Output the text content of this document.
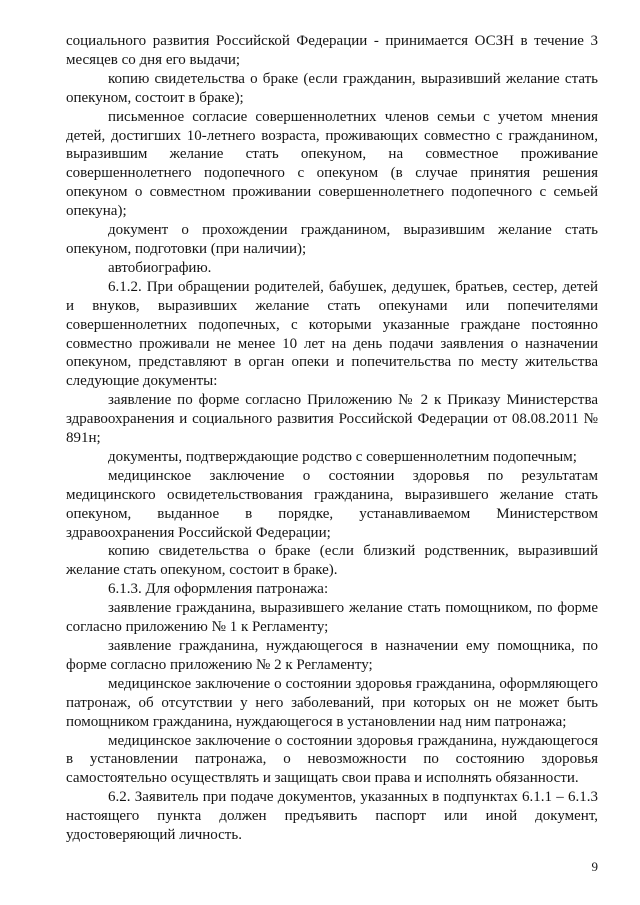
социального развития Российской Федерации - принимается ОСЗН в течение 3 месяцев со дня его выдачи;

копию свидетельства о браке (если гражданин, выразивший желание стать опекуном, состоит в браке);

письменное согласие совершеннолетних членов семьи с учетом мнения детей, достигших 10-летнего возраста, проживающих совместно с гражданином, выразившим желание стать опекуном, на совместное проживание совершеннолетнего подопечного с опекуном (в случае принятия решения опекуном о совместном проживании совершеннолетнего подопечного с семьей опекуна);

документ о прохождении гражданином, выразившим желание стать опекуном, подготовки (при наличии);

автобиографию.

6.1.2. При обращении родителей, бабушек, дедушек, братьев, сестер, детей и внуков, выразивших желание стать опекунами или попечителями совершеннолетних подопечных, с которыми указанные граждане постоянно совместно проживали не менее 10 лет на день подачи заявления о назначении опекуном, представляют в орган опеки и попечительства по месту жительства следующие документы:

заявление по форме согласно Приложению № 2 к Приказу Министерства здравоохранения и социального развития Российской Федерации от 08.08.2011 № 891н;

документы, подтверждающие родство с совершеннолетним подопечным;

медицинское заключение о состоянии здоровья по результатам медицинского освидетельствования гражданина, выразившего желание стать опекуном, выданное в порядке, устанавливаемом Министерством здравоохранения Российской Федерации;

копию свидетельства о браке (если близкий родственник, выразивший желание стать опекуном, состоит в браке).

6.1.3. Для оформления патронажа:

заявление гражданина, выразившего желание стать помощником, по форме согласно приложению № 1 к Регламенту;

заявление гражданина, нуждающегося в назначении ему помощника, по форме согласно приложению № 2 к Регламенту;

медицинское заключение о состоянии здоровья гражданина, оформляющего патронаж, об отсутствии у него заболеваний, при которых он не может быть помощником гражданина, нуждающегося в установлении над ним патронажа;

медицинское заключение о состоянии здоровья гражданина, нуждающегося в установлении патронажа, о невозможности по состоянию здоровья самостоятельно осуществлять и защищать свои права и исполнять обязанности.

6.2. Заявитель при подаче документов, указанных в подпунктах 6.1.1 – 6.1.3 настоящего пункта должен предъявить паспорт или иной документ, удостоверяющий личность.

9
